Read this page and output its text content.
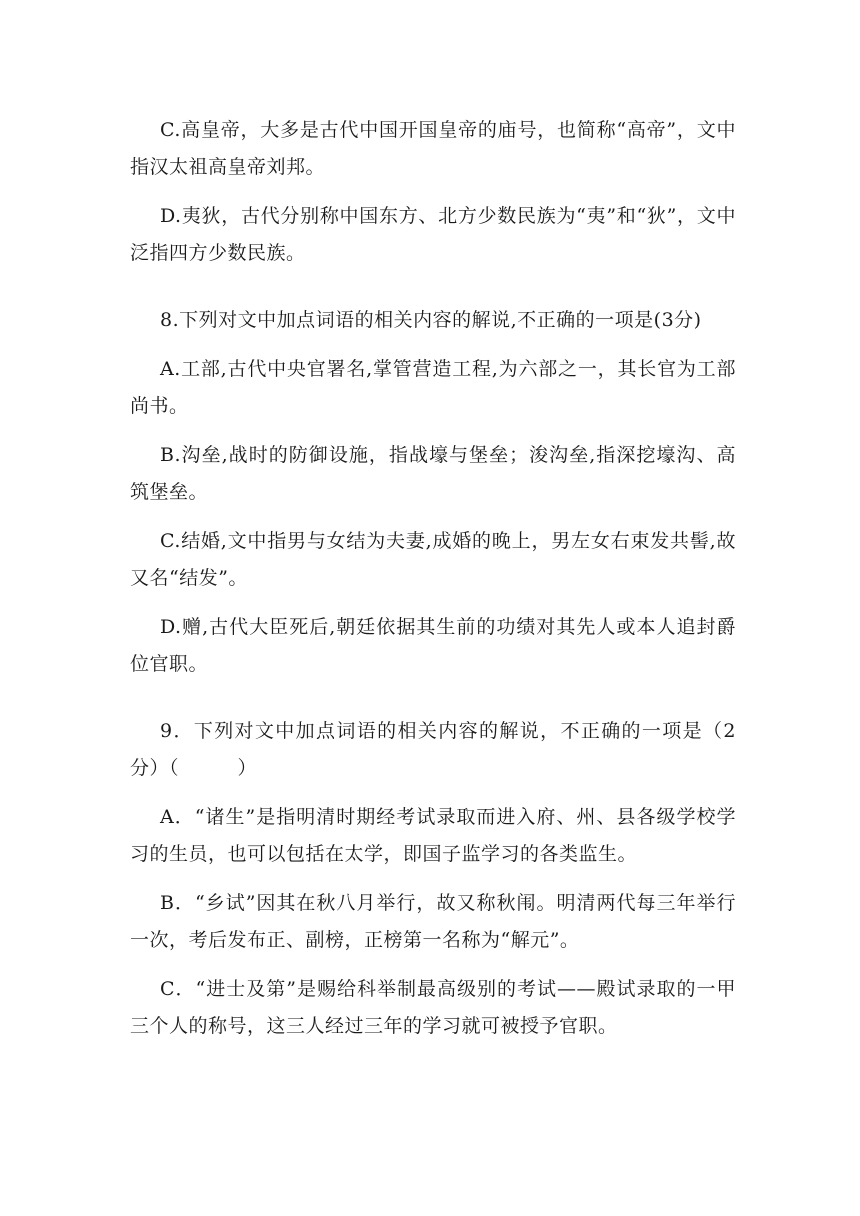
C.高皇帝，大多是古代中国开国皇帝的庙号，也简称“高帝”，文中指汉太祖高皇帝刘邦。

D.夷狄，古代分别称中国东方、北方少数民族为“夷”和“狄”，文中泛指四方少数民族。

8.下列对文中加点词语的相关内容的解说,不正确的一项是(3分)

A.工部,古代中央官署名,掌管营造工程,为六部之一，其长官为工部尚书。

B.沟垒,战时的防御设施，指战壕与堡垒；浚沟垒,指深挖壕沟、高筑堡垒。

C.结婚,文中指男与女结为夫妻,成婚的晚上，男左女右束发共髻,故又名“结发”。

D.赠,古代大臣死后,朝廷依据其生前的功绩对其先人或本人追封爵位官职。

9．下列对文中加点词语的相关内容的解说，不正确的一项是（2分）（　　　）

A．“诸生”是指明清时期经考试录取而进入府、州、县各级学校学习的生员，也可以包括在太学，即国子监学习的各类监生。

B．“乡试”因其在秋八月举行，故又称秋闱。明清两代每三年举行一次，考后发布正、副榜，正榜第一名称为“解元”。

C．“进士及第”是赐给科举制最高级别的考试——殿试录取的一甲三个人的称号，这三人经过三年的学习就可被授予官职。
